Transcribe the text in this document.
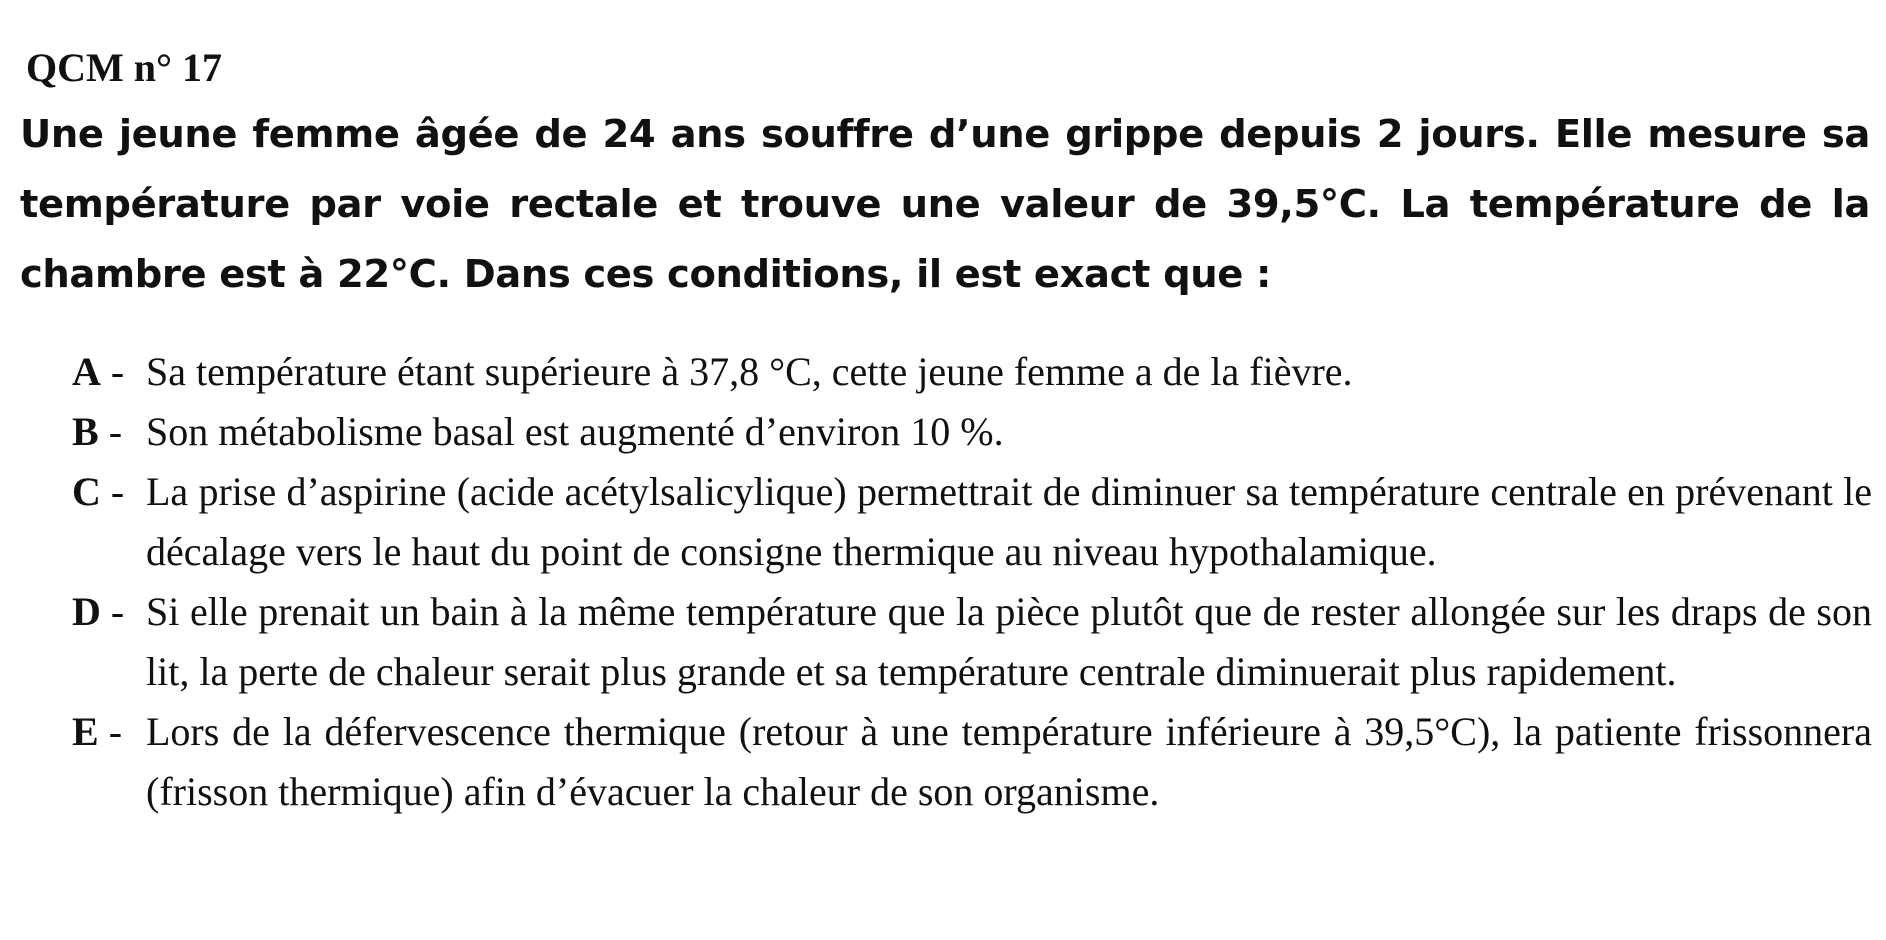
QCM n° 17

Une jeune femme âgée de 24 ans souffre d’une grippe depuis 2 jours. Elle mesure sa température par voie rectale et trouve une valeur de 39,5°C. La température de la chambre est à 22°C. Dans ces conditions, il est exact que :

A - Sa température étant supérieure à 37,8 °C, cette jeune femme a de la fièvre.
B - Son métabolisme basal est augmenté d’environ 10 %.
C - La prise d’aspirine (acide acétylsalicylique) permettrait de diminuer sa température centrale en prévenant le décalage vers le haut du point de consigne thermique au niveau hypothalamique.
D - Si elle prenait un bain à la même température que la pièce plutôt que de rester allongée sur les draps de son lit, la perte de chaleur serait plus grande et sa température centrale diminuerait plus rapidement.
E - Lors de la défervescence thermique (retour à une température inférieure à 39,5°C), la patiente frissonnera (frisson thermique) afin d’évacuer la chaleur de son organisme.
